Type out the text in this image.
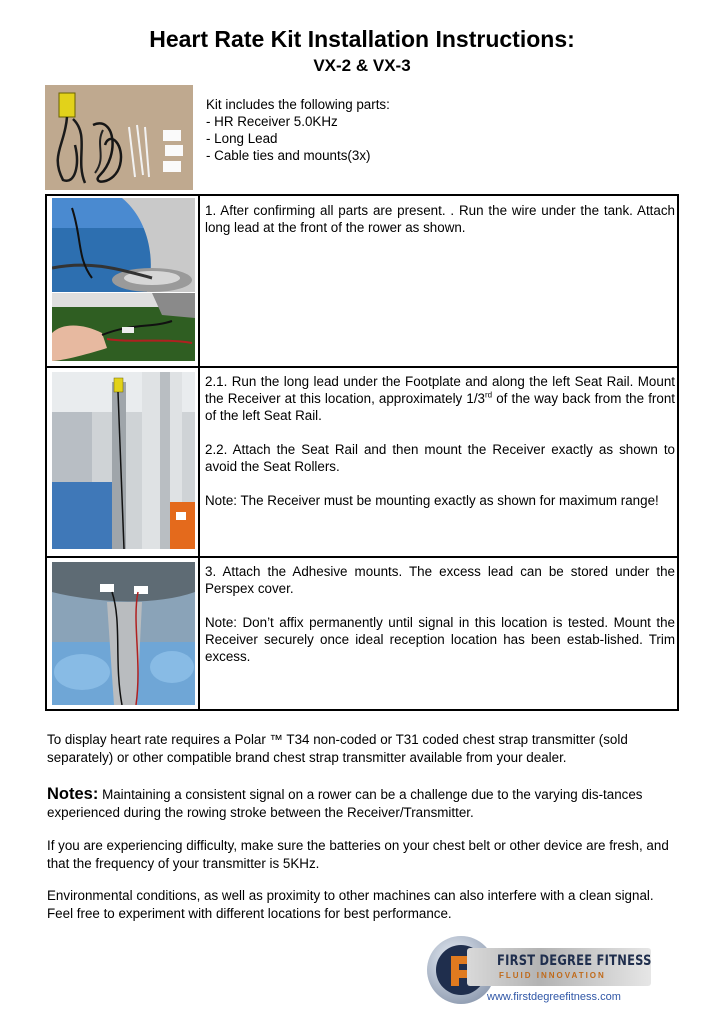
Heart Rate Kit Installation Instructions:
VX-2 & VX-3
Kit includes the following parts:
- HR Receiver 5.0KHz
- Long Lead
- Cable ties and mounts(3x)

1. After confirming all parts are present. . Run the wire under the tank. Attach long lead at the front of the rower as shown.

2.1. Run the long lead under the Footplate and along the left Seat Rail. Mount the Receiver at this location, approximately 1/3rd of the way back from the front of the left Seat Rail.

2.2. Attach the Seat Rail and then mount the Receiver exactly as shown to avoid the Seat Rollers.

Note: The Receiver must be mounting exactly as shown for maximum range!

3. Attach the Adhesive mounts. The excess lead can be stored under the Perspex cover.

Note: Don’t affix permanently until signal in this location is tested. Mount the Receiver securely once ideal reception location has been estab-lished. Trim excess.

To display heart rate requires a Polar ™ T34 non-coded or T31 coded chest strap transmitter (sold separately) or other compatible brand chest strap transmitter available from your dealer.
Notes: Maintaining a consistent signal on a rower can be a challenge due to the varying dis-tances experienced during the rowing stroke between the Receiver/Transmitter.
If you are experiencing difficulty, make sure the batteries on your chest belt or other device are fresh, and that the frequency of your transmitter is 5KHz.
Environmental conditions, as well as proximity to other machines can also interfere with a clean signal. Feel free to experiment with different locations for best performance.
FIRST DEGREE FITNESS
FLUID INNOVATION
www.firstdegreefitness.com
